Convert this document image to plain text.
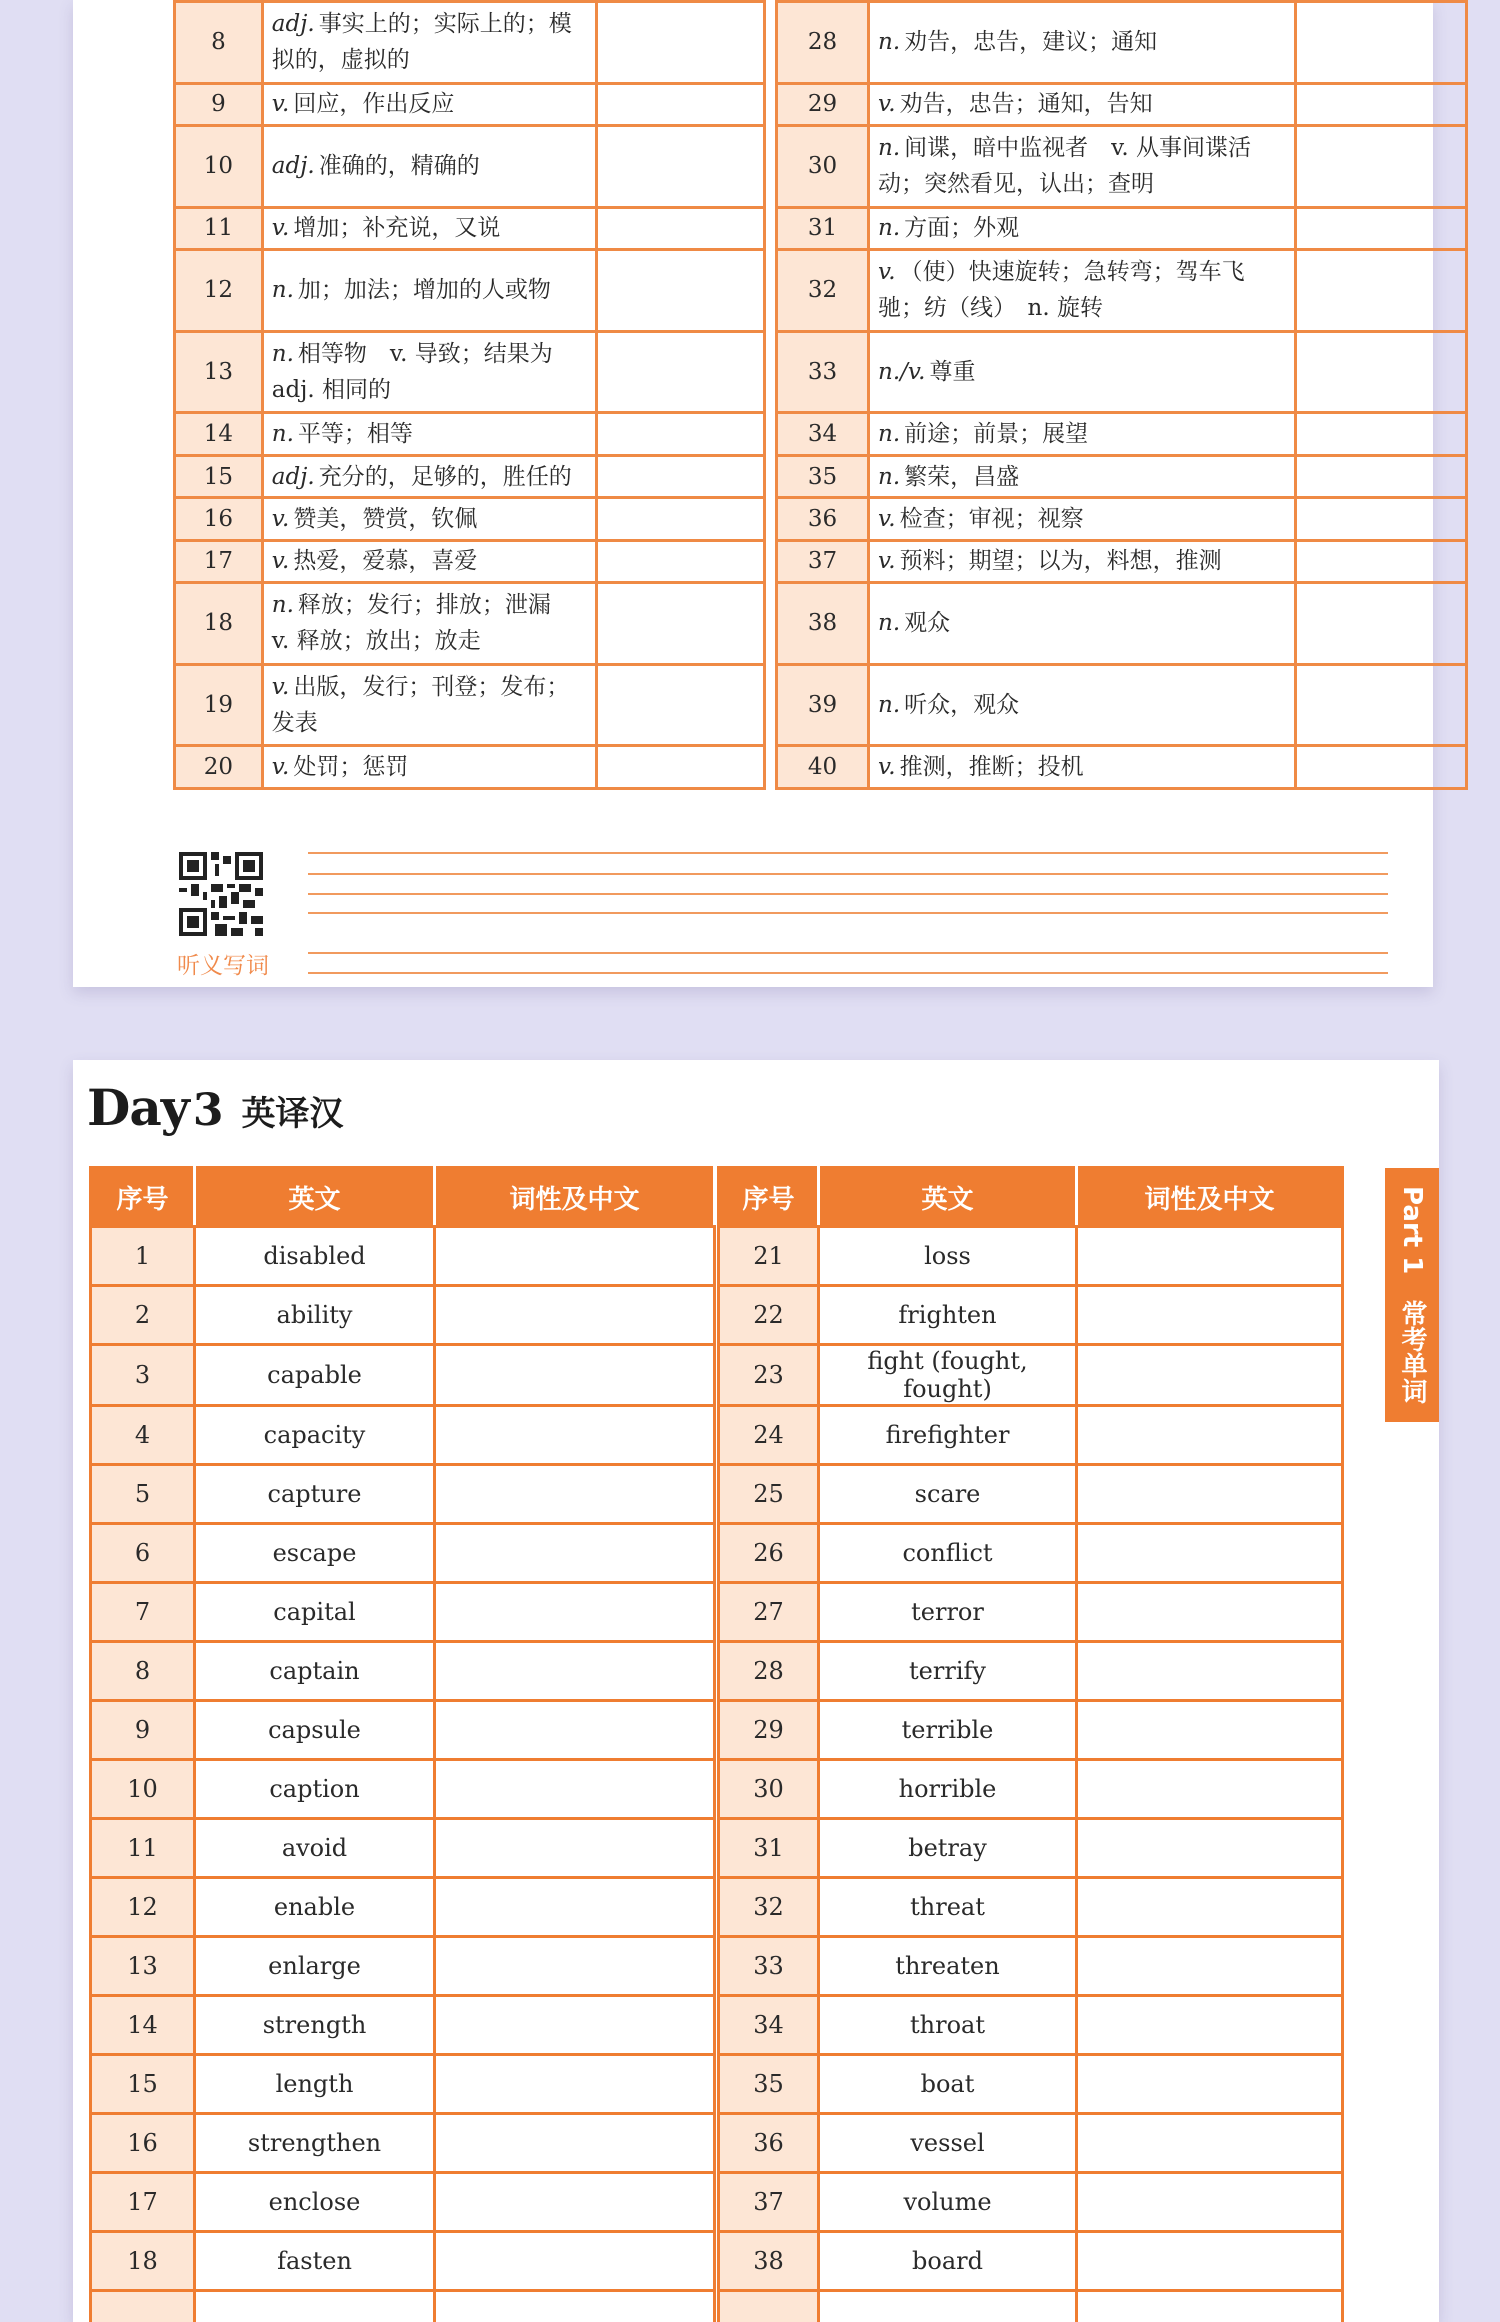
8	adj. 事实上的；实际上的；模拟的，虚拟的			28	n. 劝告，忠告，建议；通知	
9	v. 回应，作出反应			29	v. 劝告，忠告；通知，告知	
10	adj. 准确的，精确的			30	n. 间谍，暗中监视者　v. 从事间谍活动；突然看见，认出；查明	
11	v. 增加；补充说，又说			31	n. 方面；外观	
12	n. 加；加法；增加的人或物			32	v. （使）快速旋转；急转弯；驾车飞驰；纺（线）　n. 旋转	
13	n. 相等物　v. 导致；结果为　adj. 相同的			33	n./v. 尊重	
14	n. 平等；相等			34	n. 前途；前景；展望	
15	adj. 充分的，足够的，胜任的			35	n. 繁荣，昌盛	
16	v. 赞美，赞赏，钦佩			36	v. 检查；审视；视察	
17	v. 热爱，爱慕，喜爱			37	v. 预料；期望；以为，料想，推测	
18	n. 释放；发行；排放；泄漏　v. 释放；放出；放走			38	n. 观众	
19	v. 出版，发行；刊登；发布；发表			39	n. 听众，观众	
20	v. 处罚；惩罚			40	v. 推测，推断；投机	
听义写词
Day 3 英译汉
序号	英文	词性及中文		序号	英文	词性及中文
1	disabled			21	loss	
2	ability			22	frighten	
3	capable			23	fight (fought, fought)	
4	capacity			24	firefighter	
5	capture			25	scare	
6	escape			26	conflict	
7	capital			27	terror	
8	captain			28	terrify	
9	capsule			29	terrible	
10	caption			30	horrible	
11	avoid			31	betray	
12	enable			32	threat	
13	enlarge			33	threaten	
14	strength			34	throat	
15	length			35	boat	
16	strengthen			36	vessel	
17	enclose			37	volume	
18	fasten			38	board	

Part 1　常考单词
